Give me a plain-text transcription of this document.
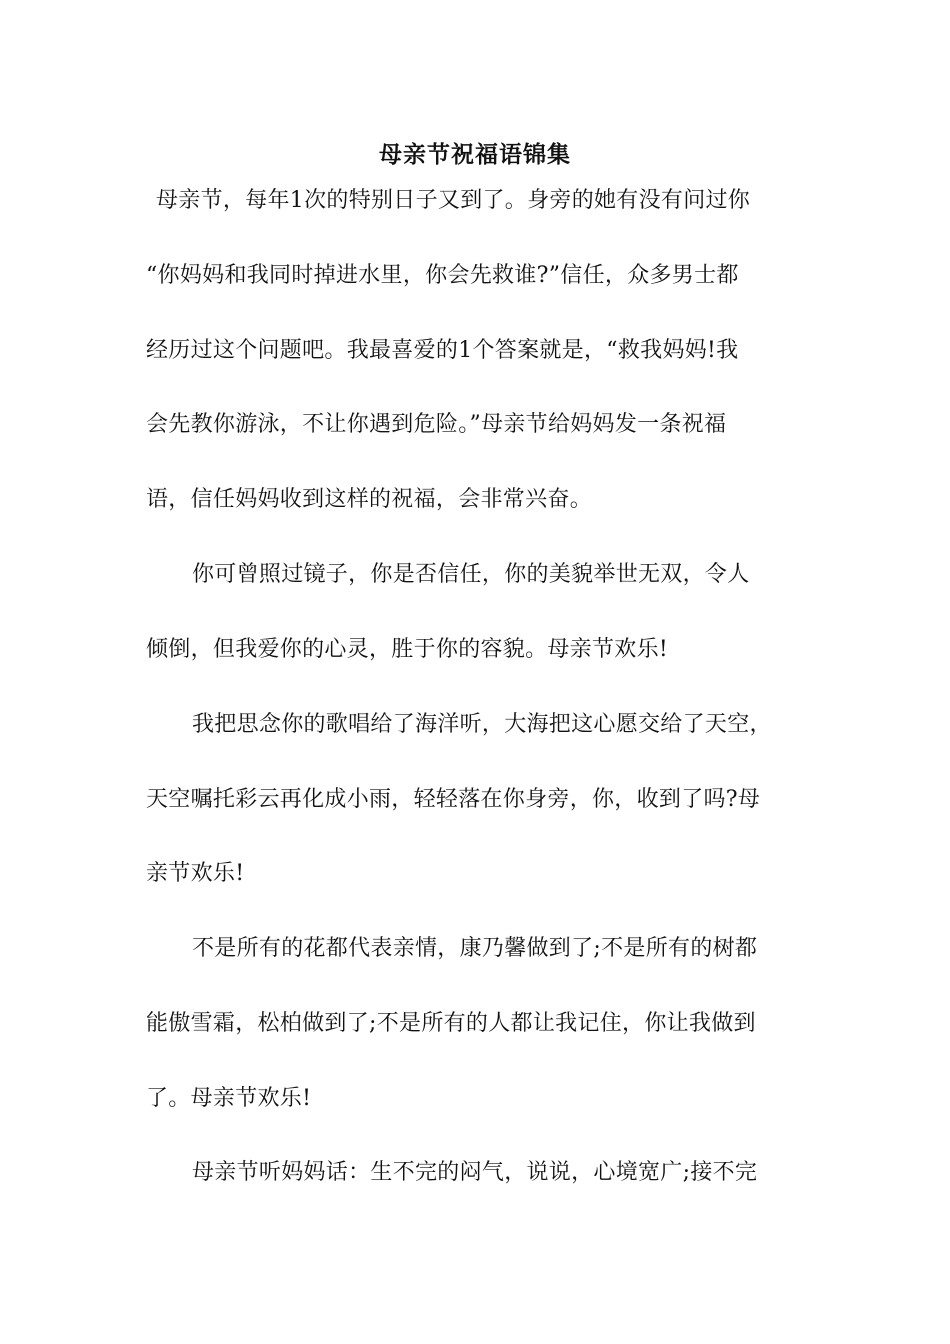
母亲节祝福语锦集
母亲节，每年1次的特别日子又到了。身旁的她有没有问过你
“你妈妈和我同时掉进水里，你会先救谁?”信任，众多男士都
经历过这个问题吧。我最喜爱的1个答案就是，“救我妈妈!我
会先教你游泳，不让你遇到危险。”母亲节给妈妈发一条祝福
语，信任妈妈收到这样的祝福，会非常兴奋。
你可曾照过镜子，你是否信任，你的美貌举世无双，令人
倾倒，但我爱你的心灵，胜于你的容貌。母亲节欢乐!
我把思念你的歌唱给了海洋听，大海把这心愿交给了天空，
天空嘱托彩云再化成小雨，轻轻落在你身旁，你，收到了吗?母
亲节欢乐!
不是所有的花都代表亲情，康乃馨做到了;不是所有的树都
能傲雪霜，松柏做到了;不是所有的人都让我记住，你让我做到
了。母亲节欢乐!
母亲节听妈妈话：生不完的闷气，说说，心境宽广;接不完
